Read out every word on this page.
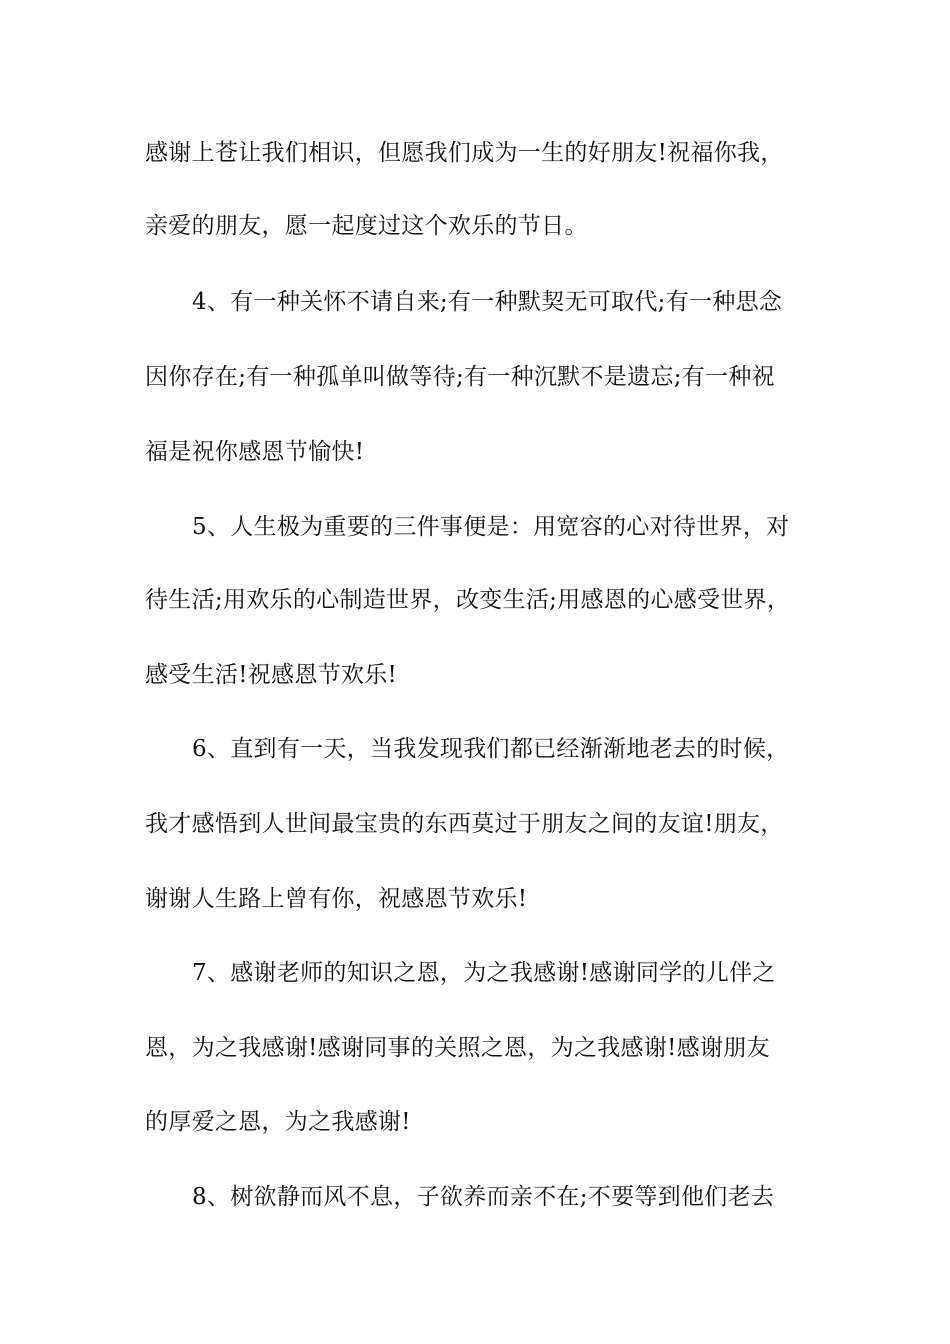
感谢上苍让我们相识，但愿我们成为一生的好朋友!祝福你我，
亲爱的朋友，愿一起度过这个欢乐的节日。
4、有一种关怀不请自来;有一种默契无可取代;有一种思念
因你存在;有一种孤单叫做等待;有一种沉默不是遗忘;有一种祝
福是祝你感恩节愉快!
5、人生极为重要的三件事便是：用宽容的心对待世界，对
待生活;用欢乐的心制造世界，改变生活;用感恩的心感受世界，
感受生活!祝感恩节欢乐!
6、直到有一天，当我发现我们都已经渐渐地老去的时候，
我才感悟到人世间最宝贵的东西莫过于朋友之间的友谊!朋友，
谢谢人生路上曾有你，祝感恩节欢乐!
7、感谢老师的知识之恩，为之我感谢!感谢同学的儿伴之
恩，为之我感谢!感谢同事的关照之恩，为之我感谢!感谢朋友
的厚爱之恩，为之我感谢!
8、树欲静而风不息，子欲养而亲不在;不要等到他们老去
